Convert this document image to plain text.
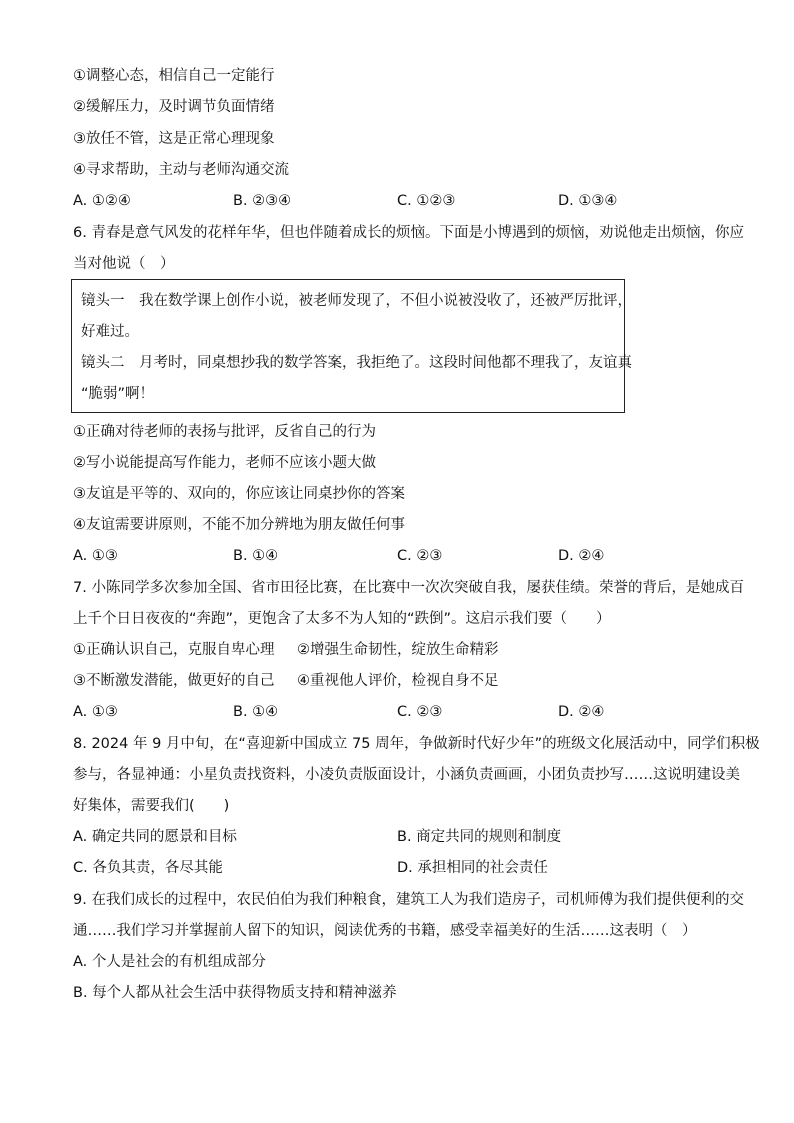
①调整心态，相信自己一定能行
②缓解压力，及时调节负面情绪
③放任不管，这是正常心理现象
④寻求帮助，主动与老师沟通交流
A. ①②④	B. ②③④	C. ①②③	D. ①③④
6. 青春是意气风发的花样年华，但也伴随着成长的烦恼。下面是小博遇到的烦恼，劝说他走出烦恼，你应
当对他说（　）
镜头一　我在数学课上创作小说，被老师发现了，不但小说被没收了，还被严厉批评，
好难过。
镜头二　月考时，同桌想抄我的数学答案，我拒绝了。这段时间他都不理我了，友谊真
“脆弱”啊！
①正确对待老师的表扬与批评，反省自己的行为
②写小说能提高写作能力，老师不应该小题大做
③友谊是平等的、双向的，你应该让同桌抄你的答案
④友谊需要讲原则，不能不加分辨地为朋友做任何事
A. ①③	B. ①④	C. ②③	D. ②④
7. 小陈同学多次参加全国、省市田径比赛，在比赛中一次次突破自我，屡获佳绩。荣誉的背后，是她成百
上千个日日夜夜的“奔跑”，更饱含了太多不为人知的“跌倒”。这启示我们要（　　）
①正确认识自己，克服自卑心理 ②增强生命韧性，绽放生命精彩
③不断激发潜能，做更好的自己 ④重视他人评价，检视自身不足
A. ①③	B. ①④	C. ②③	D. ②④
8. 2024 年 9 月中旬，在“喜迎新中国成立 75 周年，争做新时代好少年”的班级文化展活动中，同学们积极
参与，各显神通：小星负责找资料，小凌负责版面设计，小涵负责画画，小团负责抄写……这说明建设美
好集体，需要我们(　　)
A. 确定共同的愿景和目标	B. 商定共同的规则和制度
C. 各负其责，各尽其能	D. 承担相同的社会责任
9. 在我们成长的过程中，农民伯伯为我们种粮食，建筑工人为我们造房子，司机师傅为我们提供便利的交
通……我们学习并掌握前人留下的知识，阅读优秀的书籍，感受幸福美好的生活……这表明（　）
A. 个人是社会的有机组成部分
B. 每个人都从社会生活中获得物质支持和精神滋养
